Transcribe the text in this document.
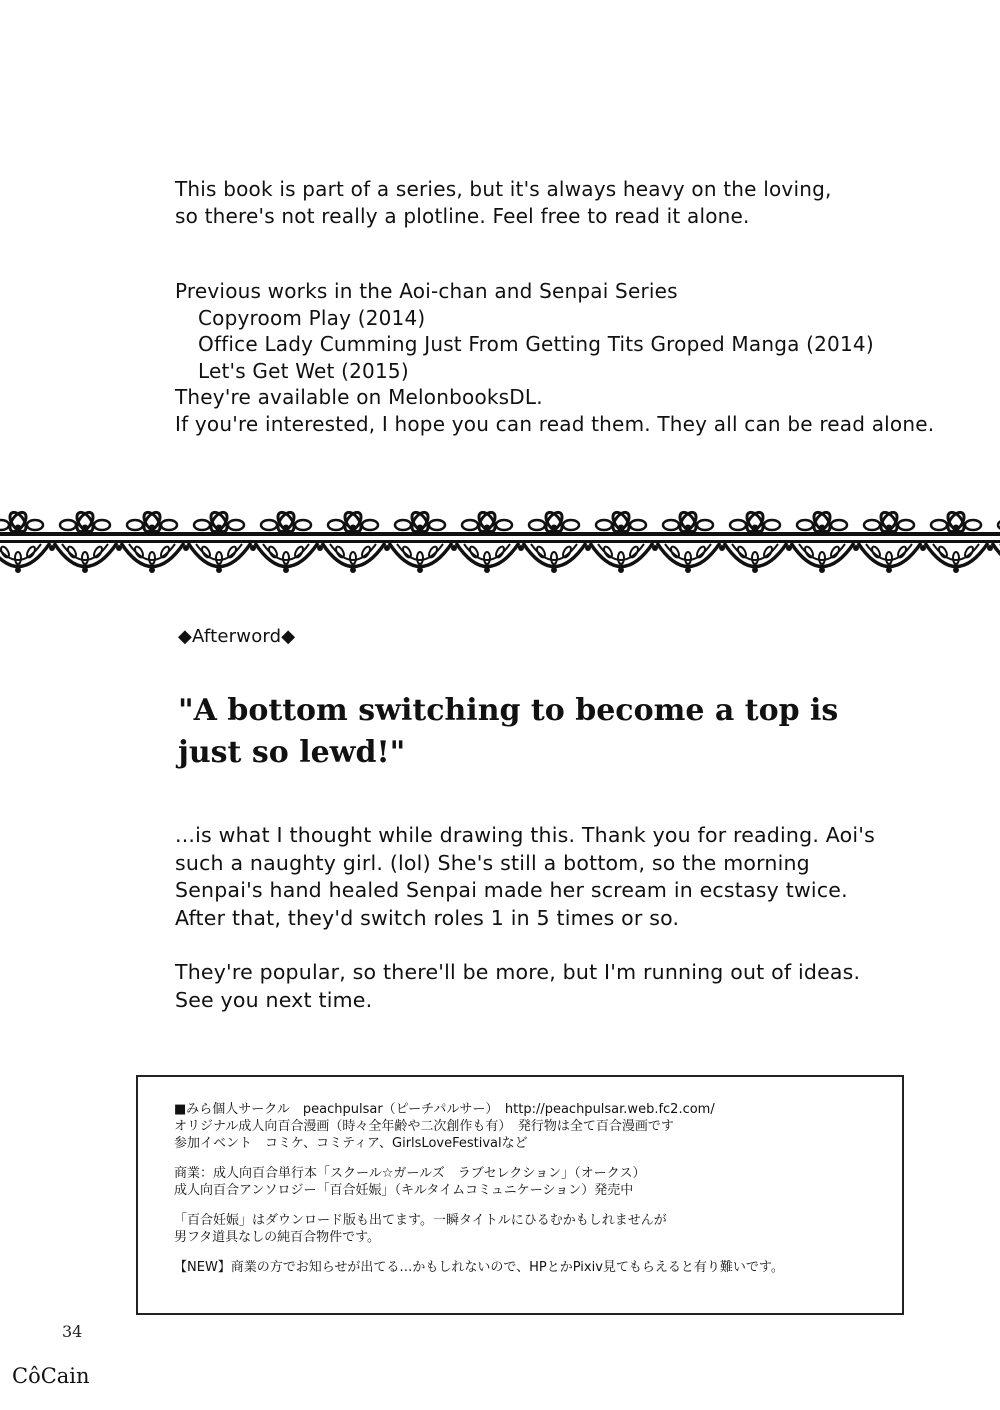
This book is part of a series, but it's always heavy on the loving,
so there's not really a plotline. Feel free to read it alone.
Previous works in the Aoi-chan and Senpai Series
Copyroom Play (2014)
Office Lady Cumming Just From Getting Tits Groped Manga (2014)
Let's Get Wet (2015)
They're available on MelonbooksDL.
If you're interested, I hope you can read them. They all can be read alone.
◆Afterword◆
"A bottom switching to become a top is
just so lewd!"
...is what I thought while drawing this. Thank you for reading. Aoi's
such a naughty girl. (lol) She's still a bottom, so the morning
Senpai's hand healed Senpai made her scream in ecstasy twice.
After that, they'd switch roles 1 in 5 times or so.
They're popular, so there'll be more, but I'm running out of ideas.
See you next time.
■みら個人サークル　peachpulsar（ピーチパルサー）　http://peachpulsar.web.fc2.com/
オリジナル成人向百合漫画（時々全年齢や二次創作も有）　発行物は全て百合漫画です
参加イベント　コミケ、コミティア、GirlsLoveFestivalなど
商業：成人向百合単行本「スクール☆ガールズ　ラブセレクション」（オークス）
成人向百合アンソロジー「百合妊娠」（キルタイムコミュニケーション）発売中
「百合妊娠」はダウンロード版も出てます。一瞬タイトルにひるむかもしれませんが
男フタ道具なしの純百合物件です。
【NEW】商業の方でお知らせが出てる…かもしれないので、HPとかPixiv見てもらえると有り難いです。
34
CôCain
